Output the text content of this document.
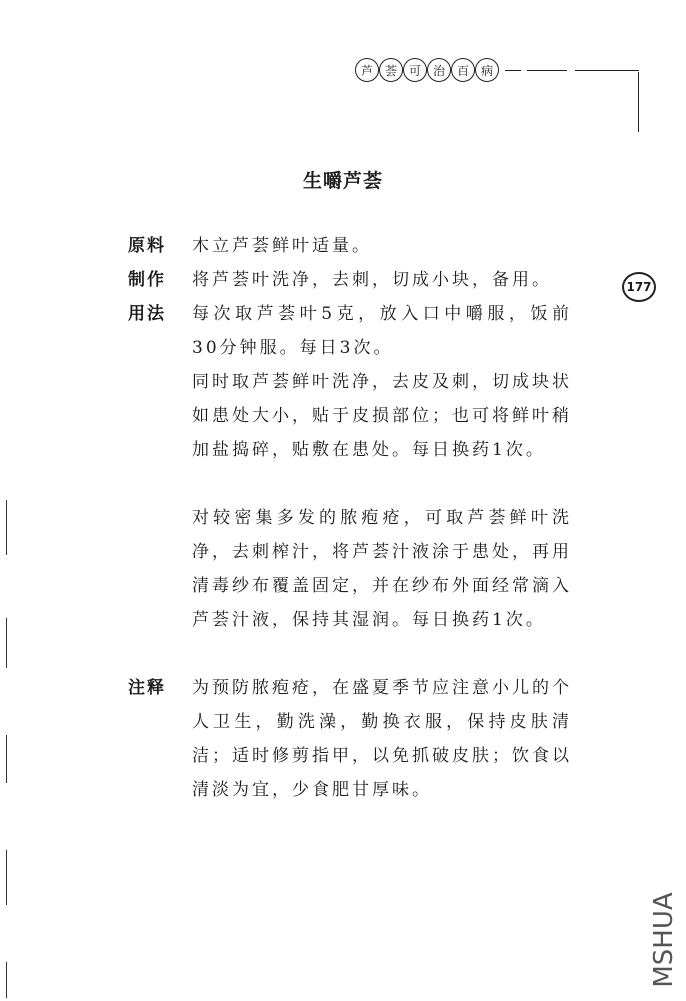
芦 荟 可 治 百 病
177
生嚼芦荟
原料 木立芦荟鲜叶适量。
制作 将芦荟叶洗净，去刺，切成小块，备用。
用法 每次取芦荟叶5克，放入口中嚼服，饭前30分钟服。每日3次。
同时取芦荟鲜叶洗净，去皮及刺，切成块状如患处大小，贴于皮损部位；也可将鲜叶稍加盐捣碎，贴敷在患处。每日换药1次。
对较密集多发的脓疱疮，可取芦荟鲜叶洗净，去刺榨汁，将芦荟汁液涂于患处，再用清毒纱布覆盖固定，并在纱布外面经常滴入芦荟汁液，保持其湿润。每日换药1次。
注释 为预防脓疱疮，在盛夏季节应注意小儿的个人卫生，勤洗澡，勤换衣服，保持皮肤清洁；适时修剪指甲，以免抓破皮肤；饮食以清淡为宜，少食肥甘厚味。
MSHUA
